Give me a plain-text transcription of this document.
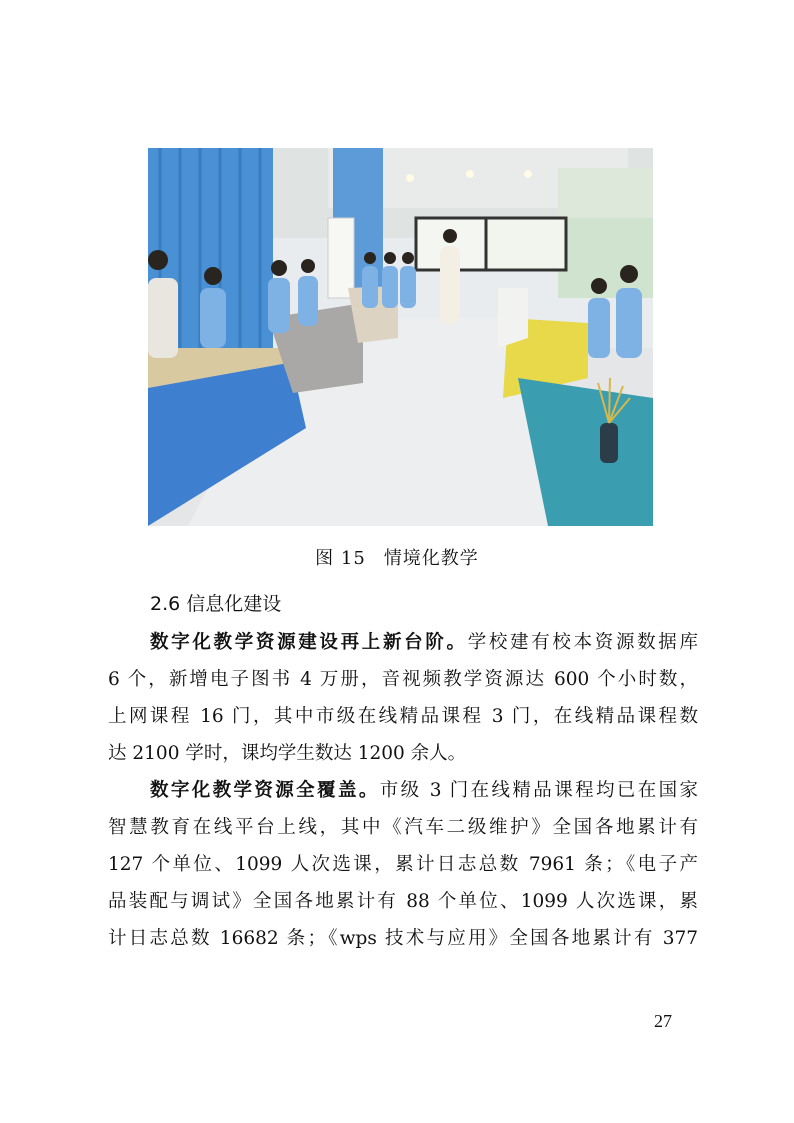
图 15 情境化教学
2.6 信息化建设
数字化教学资源建设再上新台阶。学校建有校本资源数据库
6 个，新增电子图书 4 万册，音视频教学资源达 600 个小时数，
上网课程 16 门，其中市级在线精品课程 3 门，在线精品课程数
达 2100 学时，课均学生数达 1200 余人。
数字化教学资源全覆盖。市级 3 门在线精品课程均已在国家
智慧教育在线平台上线，其中《汽车二级维护》全国各地累计有
127 个单位、1099 人次选课，累计日志总数 7961 条；《电子产
品装配与调试》全国各地累计有 88 个单位、1099 人次选课，累
计日志总数 16682 条；《wps 技术与应用》全国各地累计有 377
27
